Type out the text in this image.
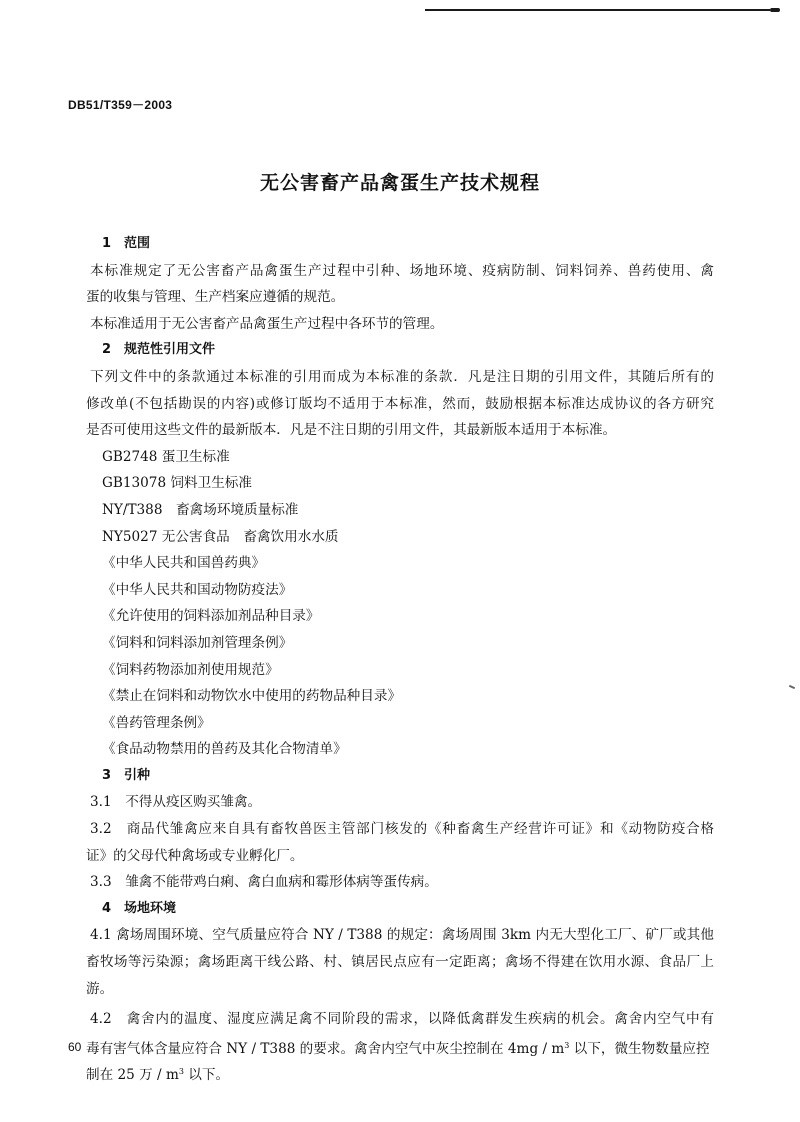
DB51/T359－2003
无公害畜产品禽蛋生产技术规程
1　范围
本标准规定了无公害畜产品禽蛋生产过程中引种、场地环境、疫病防制、饲料饲养、兽药使用、禽
蛋的收集与管理、生产档案应遵循的规范。
本标准适用于无公害畜产品禽蛋生产过程中各环节的管理。
2　规范性引用文件
下列文件中的条款通过本标准的引用而成为本标准的条款．凡是注日期的引用文件，其随后所有的
修改单(不包括勘误的内容)或修订版均不适用于本标准，然而，鼓励根据本标准达成协议的各方研究
是否可使用这些文件的最新版本．凡是不注日期的引用文件，其最新版本适用于本标准。
GB2748 蛋卫生标准
GB13078 饲料卫生标准
NY/T388　畜禽场环境质量标准
NY5027 无公害食品　畜禽饮用水水质
《中华人民共和国兽药典》
《中华人民共和国动物防疫法》
《允许使用的饲料添加剂品种目录》
《饲料和饲料添加剂管理条例》
《饲料药物添加剂使用规范》
《禁止在饲料和动物饮水中使用的药物品种目录》
《兽药管理条例》
《食品动物禁用的兽药及其化合物清单》
3　引种
3.1　不得从疫区购买雏禽。
3.2　商品代雏禽应来自具有畜牧兽医主管部门核发的《种畜禽生产经营许可证》和《动物防疫合格
证》的父母代种禽场或专业孵化厂。
3.3　雏禽不能带鸡白痢、禽白血病和霉形体病等蛋传病。
4　场地环境
4.1 禽场周围环境、空气质量应符合 NY / T388 的规定：禽场周围 3km 内无大型化工厂、矿厂或其他
畜牧场等污染源；禽场距离干线公路、村、镇居民点应有一定距离；禽场不得建在饮用水源、食品厂上
游。
4.2　禽舍内的温度、湿度应满足禽不同阶段的需求，以降低禽群发生疾病的机会。禽舍内空气中有
毒有害气体含量应符合 NY / T388 的要求。禽舍内空气中灰尘控制在 $4mg / m^3$ 以下，微生物数量应控
制在 25 万 / $m^3$ 以下。
60
